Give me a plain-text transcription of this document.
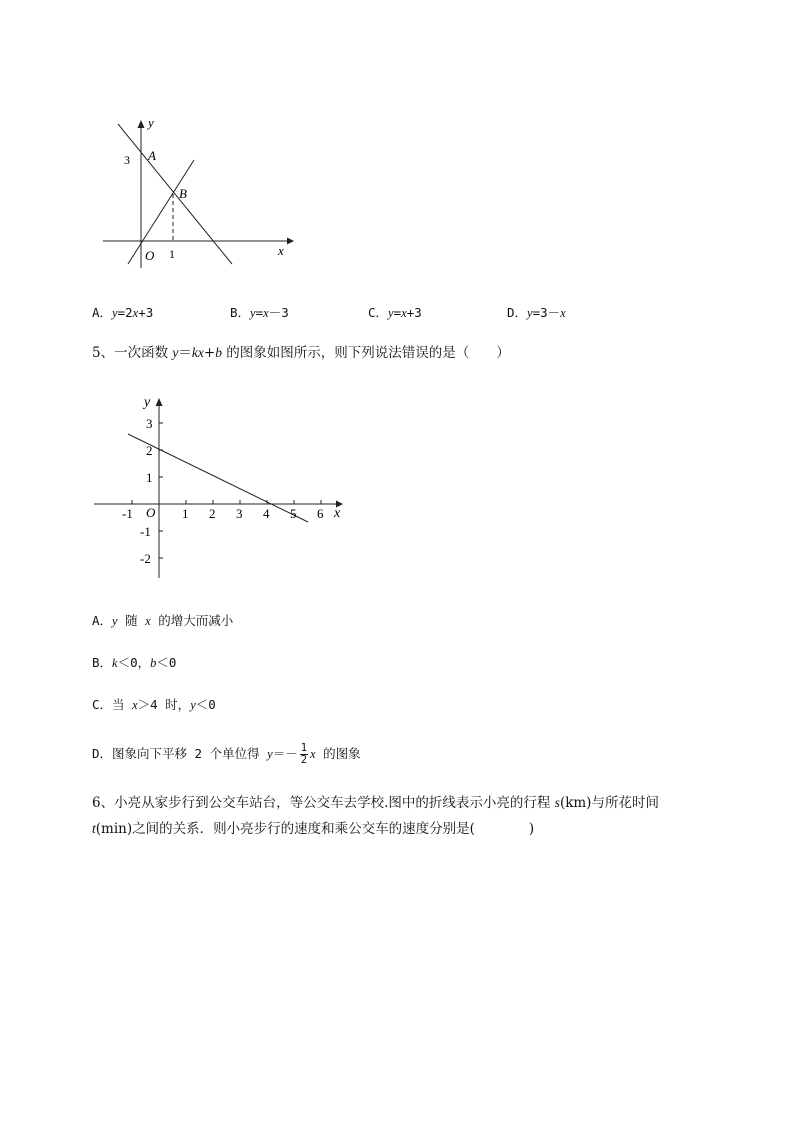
y
x
O
A
B
3
1
A．y=2x+3	B．y=x－3	C．y=x+3	D．y=3－x
5、一次函数 y＝kx+b 的图象如图所示，则下列说法错误的是（　　）
y
x
O
-1	1 2 3 4 5 6
3
2
1
-1
-2
A．y 随 x 的增大而减小
B．k＜0，b＜0
C．当 x＞4 时，y＜0
D．图象向下平移 2 个单位得 $y=- \frac{1}{2}$ x 的图象
6、小亮从家步行到公交车站台，等公交车去学校.图中的折线表示小亮的行程 s(km)与所花时间
t(min)之间的关系．则小亮步行的速度和乘公交车的速度分别是(　　　　)
